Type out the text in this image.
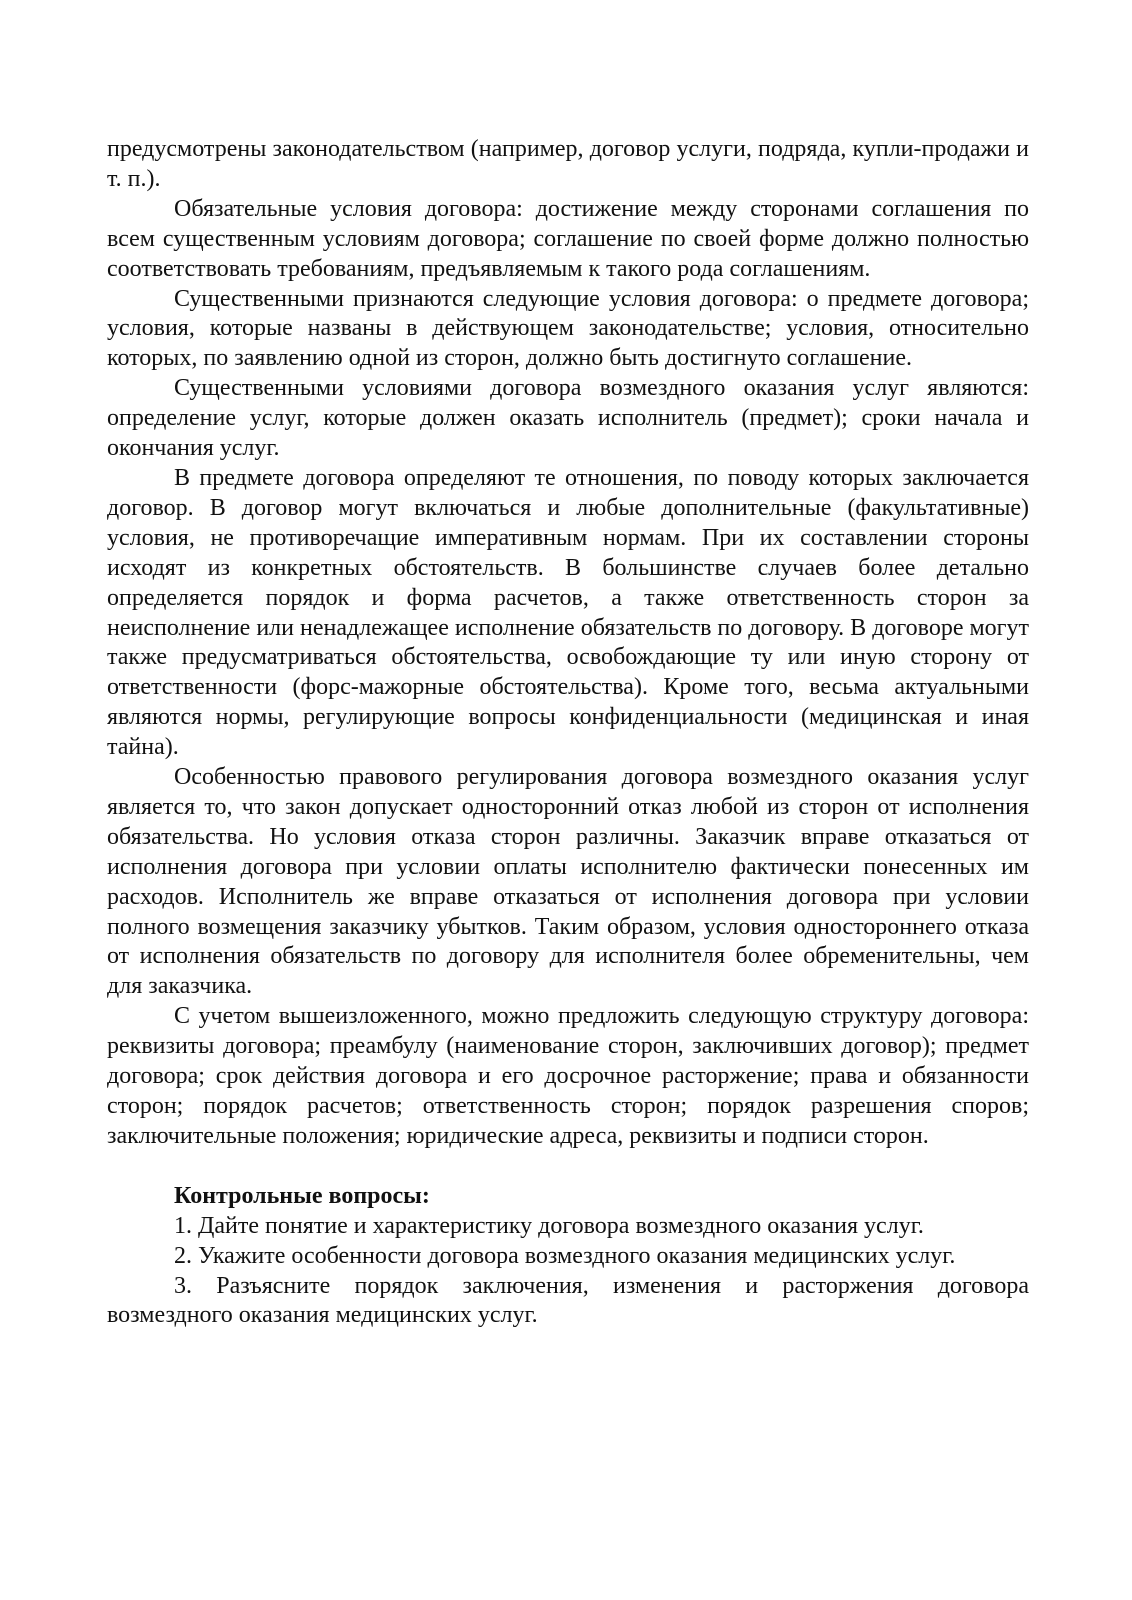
предусмотрены законодательством (например, договор услуги, подряда, купли-продажи и т. п.).

Обязательные условия договора: достижение между сторонами соглашения по всем существенным условиям договора; соглашение по своей форме должно полностью соответствовать требованиям, предъявляемым к такого рода соглашениям.

Существенными признаются следующие условия договора: о предмете договора; условия, которые названы в действующем законодательстве; условия, относительно которых, по заявлению одной из сторон, должно быть достигнуто соглашение.

Существенными условиями договора возмездного оказания услуг являются: определение услуг, которые должен оказать исполнитель (предмет); сроки начала и окончания услуг.

В предмете договора определяют те отношения, по поводу которых заключается договор. В договор могут включаться и любые дополнительные (факультативные) условия, не противоречащие императивным нормам. При их составлении стороны исходят из конкретных обстоятельств. В большинстве случаев более детально определяется порядок и форма расчетов, а также ответственность сторон за неисполнение или ненадлежащее исполнение обязательств по договору. В договоре могут также предусматриваться обстоятельства, освобождающие ту или иную сторону от ответственности (форс-мажорные обстоятельства). Кроме того, весьма актуальными являются нормы, регулирующие вопросы конфиденциальности (медицинская и иная тайна).

Особенностью правового регулирования договора возмездного оказания услуг является то, что закон допускает односторонний отказ любой из сторон от исполнения обязательства. Но условия отказа сторон различны. Заказчик вправе отказаться от исполнения договора при условии оплаты исполнителю фактически понесенных им расходов. Исполнитель же вправе отказаться от исполнения договора при условии полного возмещения заказчику убытков. Таким образом, условия одностороннего отказа от исполнения обязательств по договору для исполнителя более обременительны, чем для заказчика.

С учетом вышеизложенного, можно предложить следующую структуру договора: реквизиты договора; преамбулу (наименование сторон, заключивших договор); предмет договора; срок действия договора и его досрочное расторжение; права и обязанности сторон; порядок расчетов; ответственность сторон; порядок разрешения споров; заключительные положения; юридические адреса, реквизиты и подписи сторон.

Контрольные вопросы:

1. Дайте понятие и характеристику договора возмездного оказания услуг.

2. Укажите особенности договора возмездного оказания медицинских услуг.

3. Разъясните порядок заключения, изменения и расторжения договора возмездного оказания медицинских услуг.
